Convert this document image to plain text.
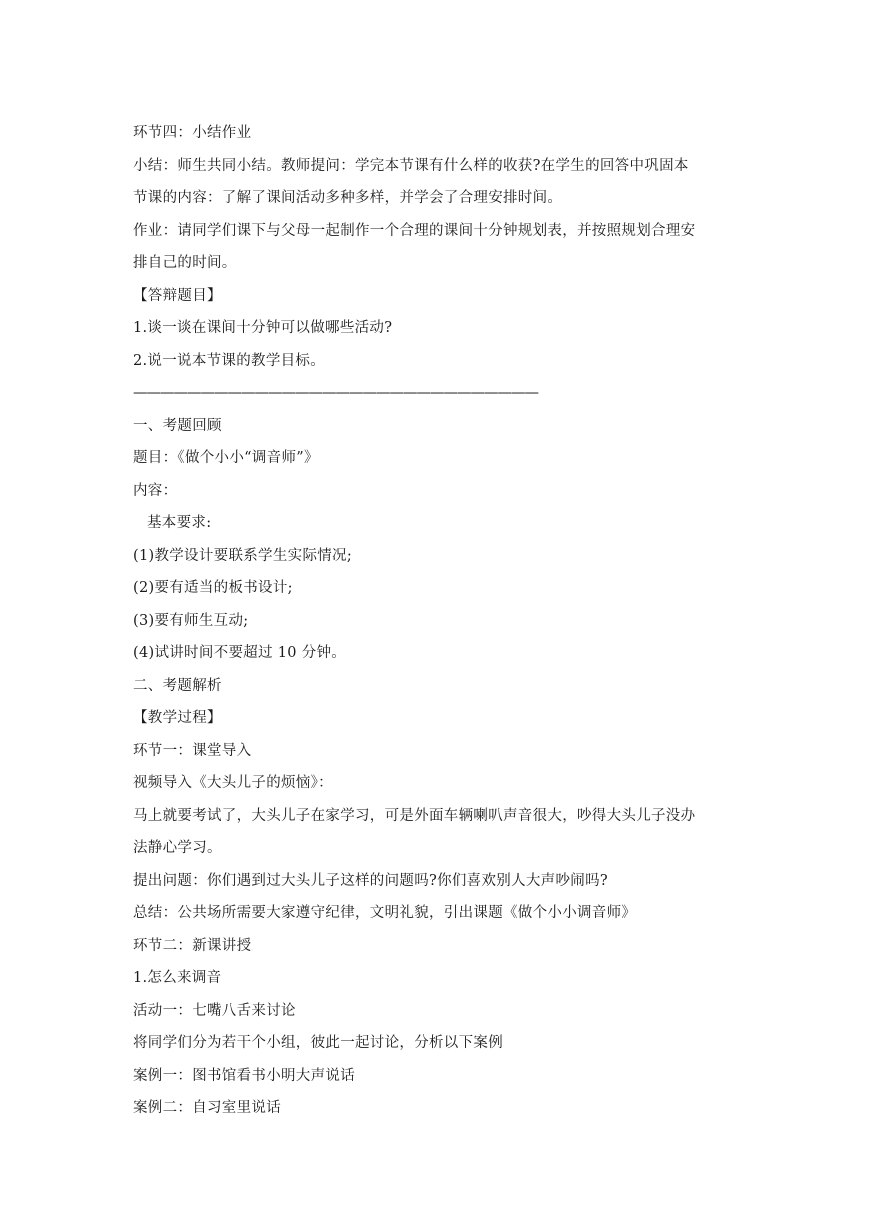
环节四：小结作业
小结：师生共同小结。教师提问：学完本节课有什么样的收获?在学生的回答中巩固本
节课的内容：了解了课间活动多种多样，并学会了合理安排时间。
作业：请同学们课下与父母一起制作一个合理的课间十分钟规划表，并按照规划合理安
排自己的时间。
【答辩题目】
1.谈一谈在课间十分钟可以做哪些活动?
2.说一说本节课的教学目标。
——————————————————————————————
一、考题回顾
题目：《做个小小“调音师”》
内容：
基本要求:
(1)教学设计要联系学生实际情况;
(2)要有适当的板书设计;
(3)要有师生互动;
(4)试讲时间不要超过 10 分钟。
二、考题解析
【教学过程】
环节一：课堂导入
视频导入《大头儿子的烦恼》：
马上就要考试了，大头儿子在家学习，可是外面车辆喇叭声音很大，吵得大头儿子没办
法静心学习。
提出问题：你们遇到过大头儿子这样的问题吗?你们喜欢别人大声吵闹吗?
总结：公共场所需要大家遵守纪律，文明礼貌，引出课题《做个小小调音师》
环节二：新课讲授
1.怎么来调音
活动一：七嘴八舌来讨论
将同学们分为若干个小组，彼此一起讨论，分析以下案例
案例一：图书馆看书小明大声说话
案例二：自习室里说话
